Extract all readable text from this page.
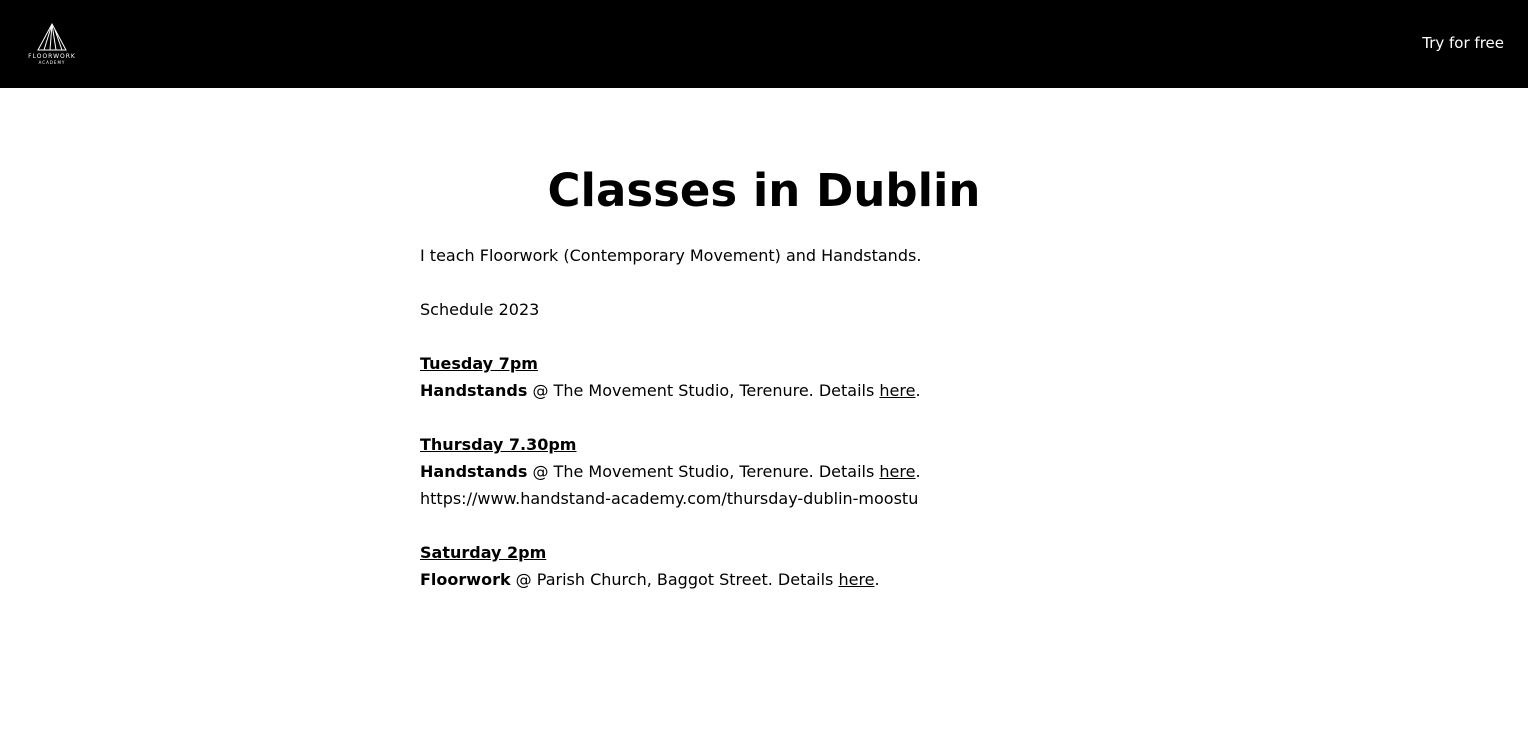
FLOORWORK
ACADEMY
Try for free
Classes in Dublin

I teach Floorwork (Contemporary Movement) and Handstands.

Schedule 2023

Tuesday 7pm

Handstands @ The Movement Studio, Terenure. Details here.

Thursday 7.30pm

Handstands @ The Movement Studio, Terenure. Details here.

https://www.handstand-academy.com/thursday-dublin-moostu

Saturday 2pm

Floorwork @ Parish Church, Baggot Street. Details here.
